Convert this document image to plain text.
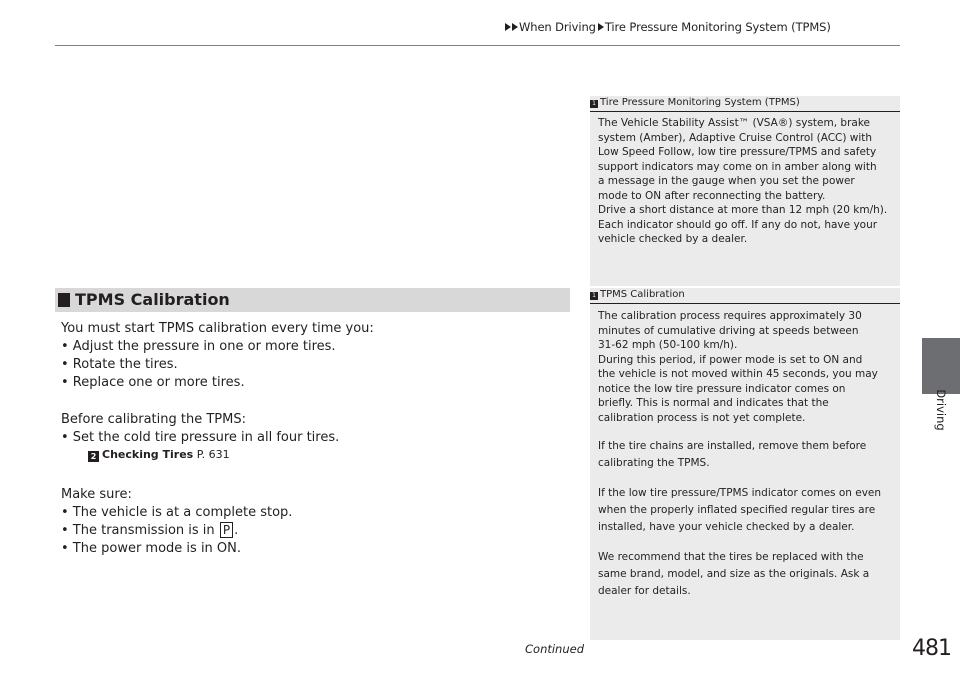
When Driving Tire Pressure Monitoring System (TPMS)
Driving
TPMS Calibration
You must start TPMS calibration every time you:
• Adjust the pressure in one or more tires.
• Rotate the tires.
• Replace one or more tires.
Before calibrating the TPMS:
• Set the cold tire pressure in all four tires.
2 Checking Tires P. 631
Make sure:
• The vehicle is at a complete stop.
• The transmission is in P .
• The power mode is in ON.
1 Tire Pressure Monitoring System (TPMS)

The Vehicle Stability Assist™ (VSA®) system, brake

system (Amber), Adaptive Cruise Control (ACC) with

Low Speed Follow, low tire pressure/TPMS and safety

support indicators may come on in amber along with

a message in the gauge when you set the power

mode to ON after reconnecting the battery.

Drive a short distance at more than 12 mph (20 km/h).

Each indicator should go off. If any do not, have your

vehicle checked by a dealer.

1 TPMS Calibration

The calibration process requires approximately 30

minutes of cumulative driving at speeds between

31-62 mph (50-100 km/h).

During this period, if power mode is set to ON and

the vehicle is not moved within 45 seconds, you may

notice the low tire pressure indicator comes on

briefly. This is normal and indicates that the

calibration process is not yet complete.

If the tire chains are installed, remove them before

calibrating the TPMS.

If the low tire pressure/TPMS indicator comes on even

when the properly inflated specified regular tires are

installed, have your vehicle checked by a dealer.

We recommend that the tires be replaced with the

same brand, model, and size as the originals. Ask a

dealer for details.

Continued	481
